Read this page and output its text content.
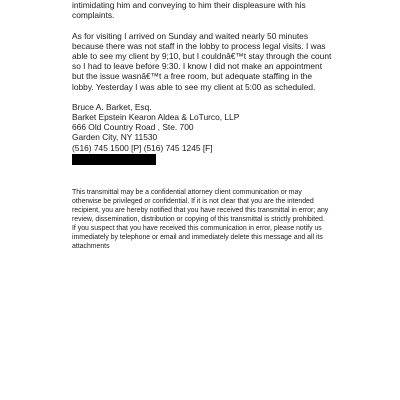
intimidating him and conveying to him their displeasure with his complaints.

As for visiting I arrived on Sunday and waited nearly 50 minutes because there was not staff in the lobby to process legal visits. I was able to see my client by 9;10, but I couldnâ€™t stay through the count so I had to leave before 9:30. I know I did not make an appointment but the issue wasnâ€™t a free room, but adequate staffing in the lobby. Yesterday I was able to see my client at 5:00 as scheduled.

Bruce A. Barket, Esq.
Barket Epstein Kearon Aldea & LoTurco, LLP
666 Old Country Road , Ste. 700
Garden City, NY 11530
(516) 745 1500 [P] (516) 745 1245 [F]

This transmittal may be a confidential attorney client communication or may otherwise be privileged or confidential. If it is not clear that you are the intended recipient, you are hereby notified that you have received this transmittal in error; any review, dissemination, distribution or copying of this transmittal is strictly prohibited. If you suspect that you have received this communication in error, please notify us immediately by telephone or email and immediately delete this message and all its attachments
